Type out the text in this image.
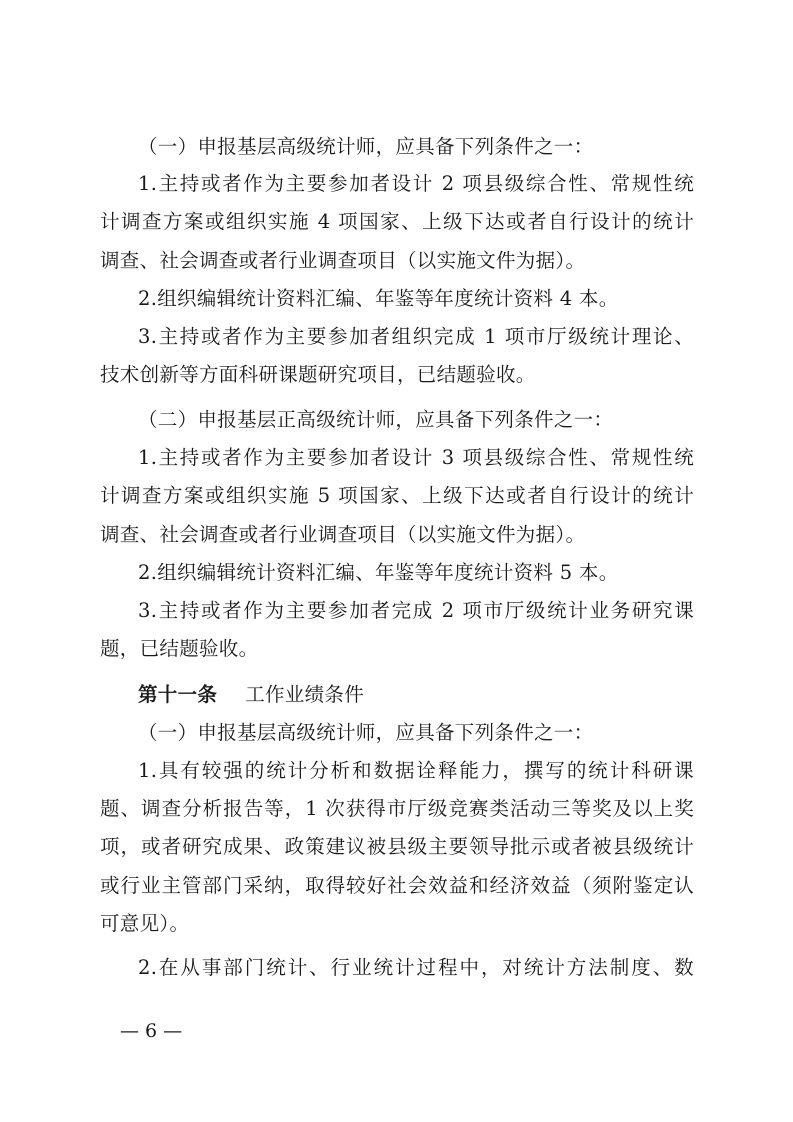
（一）申报基层高级统计师，应具备下列条件之一：
1.主持或者作为主要参加者设计 2 项县级综合性、常规性统
计调查方案或组织实施 4 项国家、上级下达或者自行设计的统计
调查、社会调查或者行业调查项目（以实施文件为据）。
2.组织编辑统计资料汇编、年鉴等年度统计资料 4 本。
3.主持或者作为主要参加者组织完成 1 项市厅级统计理论、
技术创新等方面科研课题研究项目，已结题验收。
（二）申报基层正高级统计师，应具备下列条件之一：
1.主持或者作为主要参加者设计 3 项县级综合性、常规性统
计调查方案或组织实施 5 项国家、上级下达或者自行设计的统计
调查、社会调查或者行业调查项目（以实施文件为据）。
2.组织编辑统计资料汇编、年鉴等年度统计资料 5 本。
3.主持或者作为主要参加者完成 2 项市厅级统计业务研究课
题，已结题验收。
第十一条 工作业绩条件
（一）申报基层高级统计师，应具备下列条件之一：
1.具有较强的统计分析和数据诠释能力，撰写的统计科研课
题、调查分析报告等，1 次获得市厅级竞赛类活动三等奖及以上奖
项，或者研究成果、政策建议被县级主要领导批示或者被县级统计
或行业主管部门采纳，取得较好社会效益和经济效益（须附鉴定认
可意见）。
2.在从事部门统计、行业统计过程中，对统计方法制度、数
— 6 —
